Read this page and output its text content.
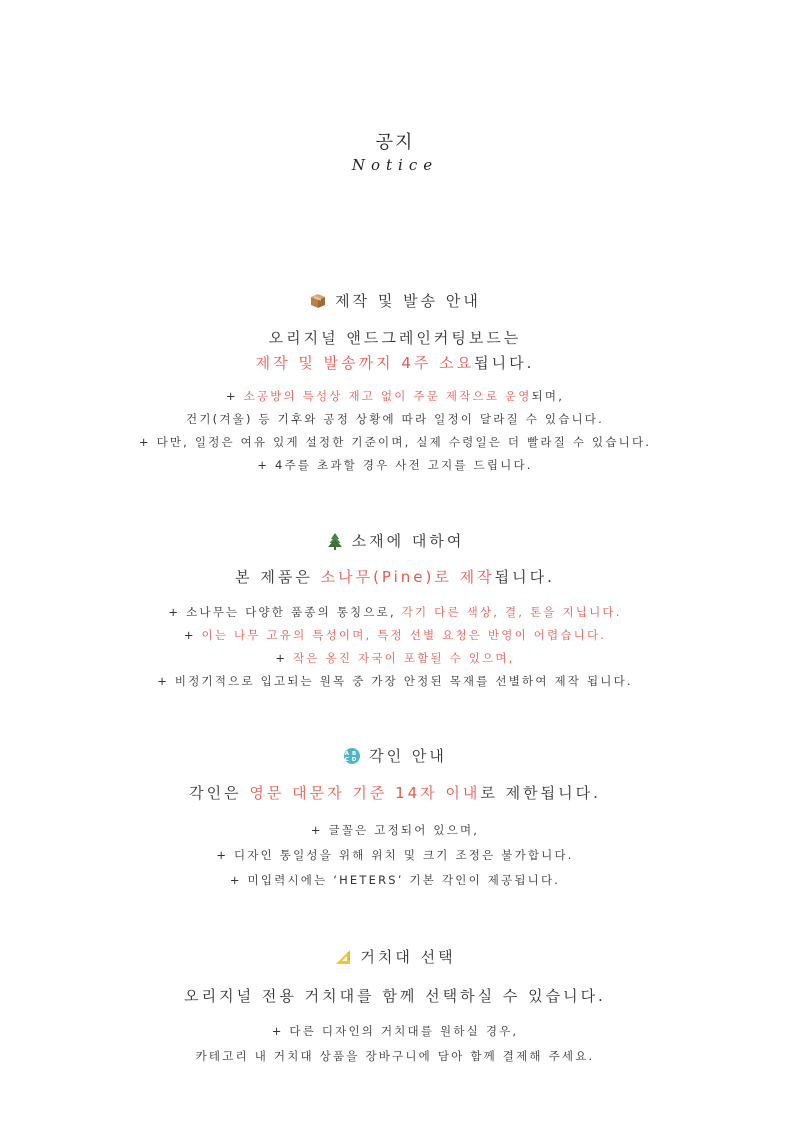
공지
Notice
제작 및 발송 안내
오리지널 앤드그레인커팅보드는
제작 및 발송까지 4주 소요됩니다.
+ 소공방의 특성상 재고 없이 주문 제작으로 운영되며,
건기(겨울) 등 기후와 공정 상황에 따라 일정이 달라질 수 있습니다.
+ 다만, 일정은 여유 있게 설정한 기준이며, 실제 수령일은 더 빨라질 수 있습니다.
+ 4주를 초과할 경우 사전 고지를 드립니다.
소재에 대하여
본 제품은 소나무(Pine)로 제작됩니다.
+ 소나무는 다양한 품종의 통칭으로, 각기 다른 색상, 결, 톤을 지닙니다.
+ 이는 나무 고유의 특성이며, 특정 선별 요청은 반영이 어렵습니다.
+ 작은 옹진 자국이 포함될 수 있으며,
+ 비정기적으로 입고되는 원목 중 가장 안정된 목재를 선별하여 제작 됩니다.
AB
CD 각인 안내
각인은 영문 대문자 기준 14자 이내로 제한됩니다.
+ 글꼴은 고정되어 있으며,
+ 디자인 통일성을 위해 위치 및 크기 조정은 불가합니다.
+ 미입력시에는 ‘HETERS’ 기본 각인이 제공됩니다.
거치대 선택
오리지널 전용 거치대를 함께 선택하실 수 있습니다.
+ 다른 디자인의 거치대를 원하실 경우,
카테고리 내 거치대 상품을 장바구니에 담아 함께 결제해 주세요.
